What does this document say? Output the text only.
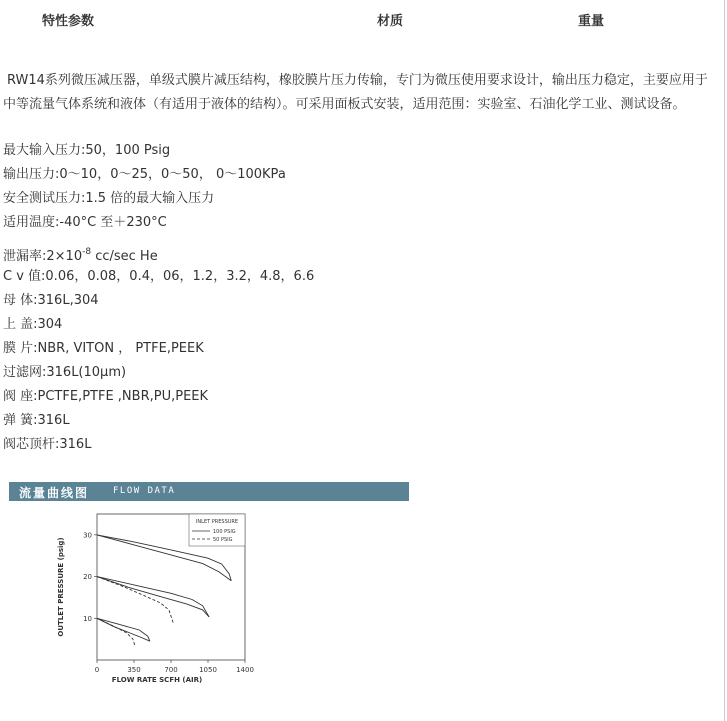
特性参数	材质	重量
RW14系列微压减压器，单级式膜片减压结构，橡胶膜片压力传输，专门为微压使用要求设计，输出压力稳定，主要应用于中等流量气体系统和液体（有适用于液体的结构）。可采用面板式安装，适用范围：实验室、石油化学工业、测试设备。
最大输入压力:50，100 Psig
输出压力:0～10，0～25，0～50， 0～100KPa
安全测试压力:1.5 倍的最大输入压力
适用温度:-40°C 至＋230°C
泄漏率$:2\times 10^{-8}$ cc/sec He
C v 值:0.06，0.08，0.4，06，1.2，3.2，4.8，6.6
母 体:316L,304
上 盖:304
膜 片:NBR, VITON ， PTFE,PEEK
过滤网:316L(10μm)
阀 座:PCTFE,PTFE ,NBR,PU,PEEK
弹 簧:316L
阀芯顶杆:316L
流量曲线图	FLOW DATA
0	350	700	1050	1400
10
20
30
OUTLET PRESSURE (psig)
FLOW RATE SCFH (AIR)
INLET PRESSURE
100 PSIG
50 PSIG
